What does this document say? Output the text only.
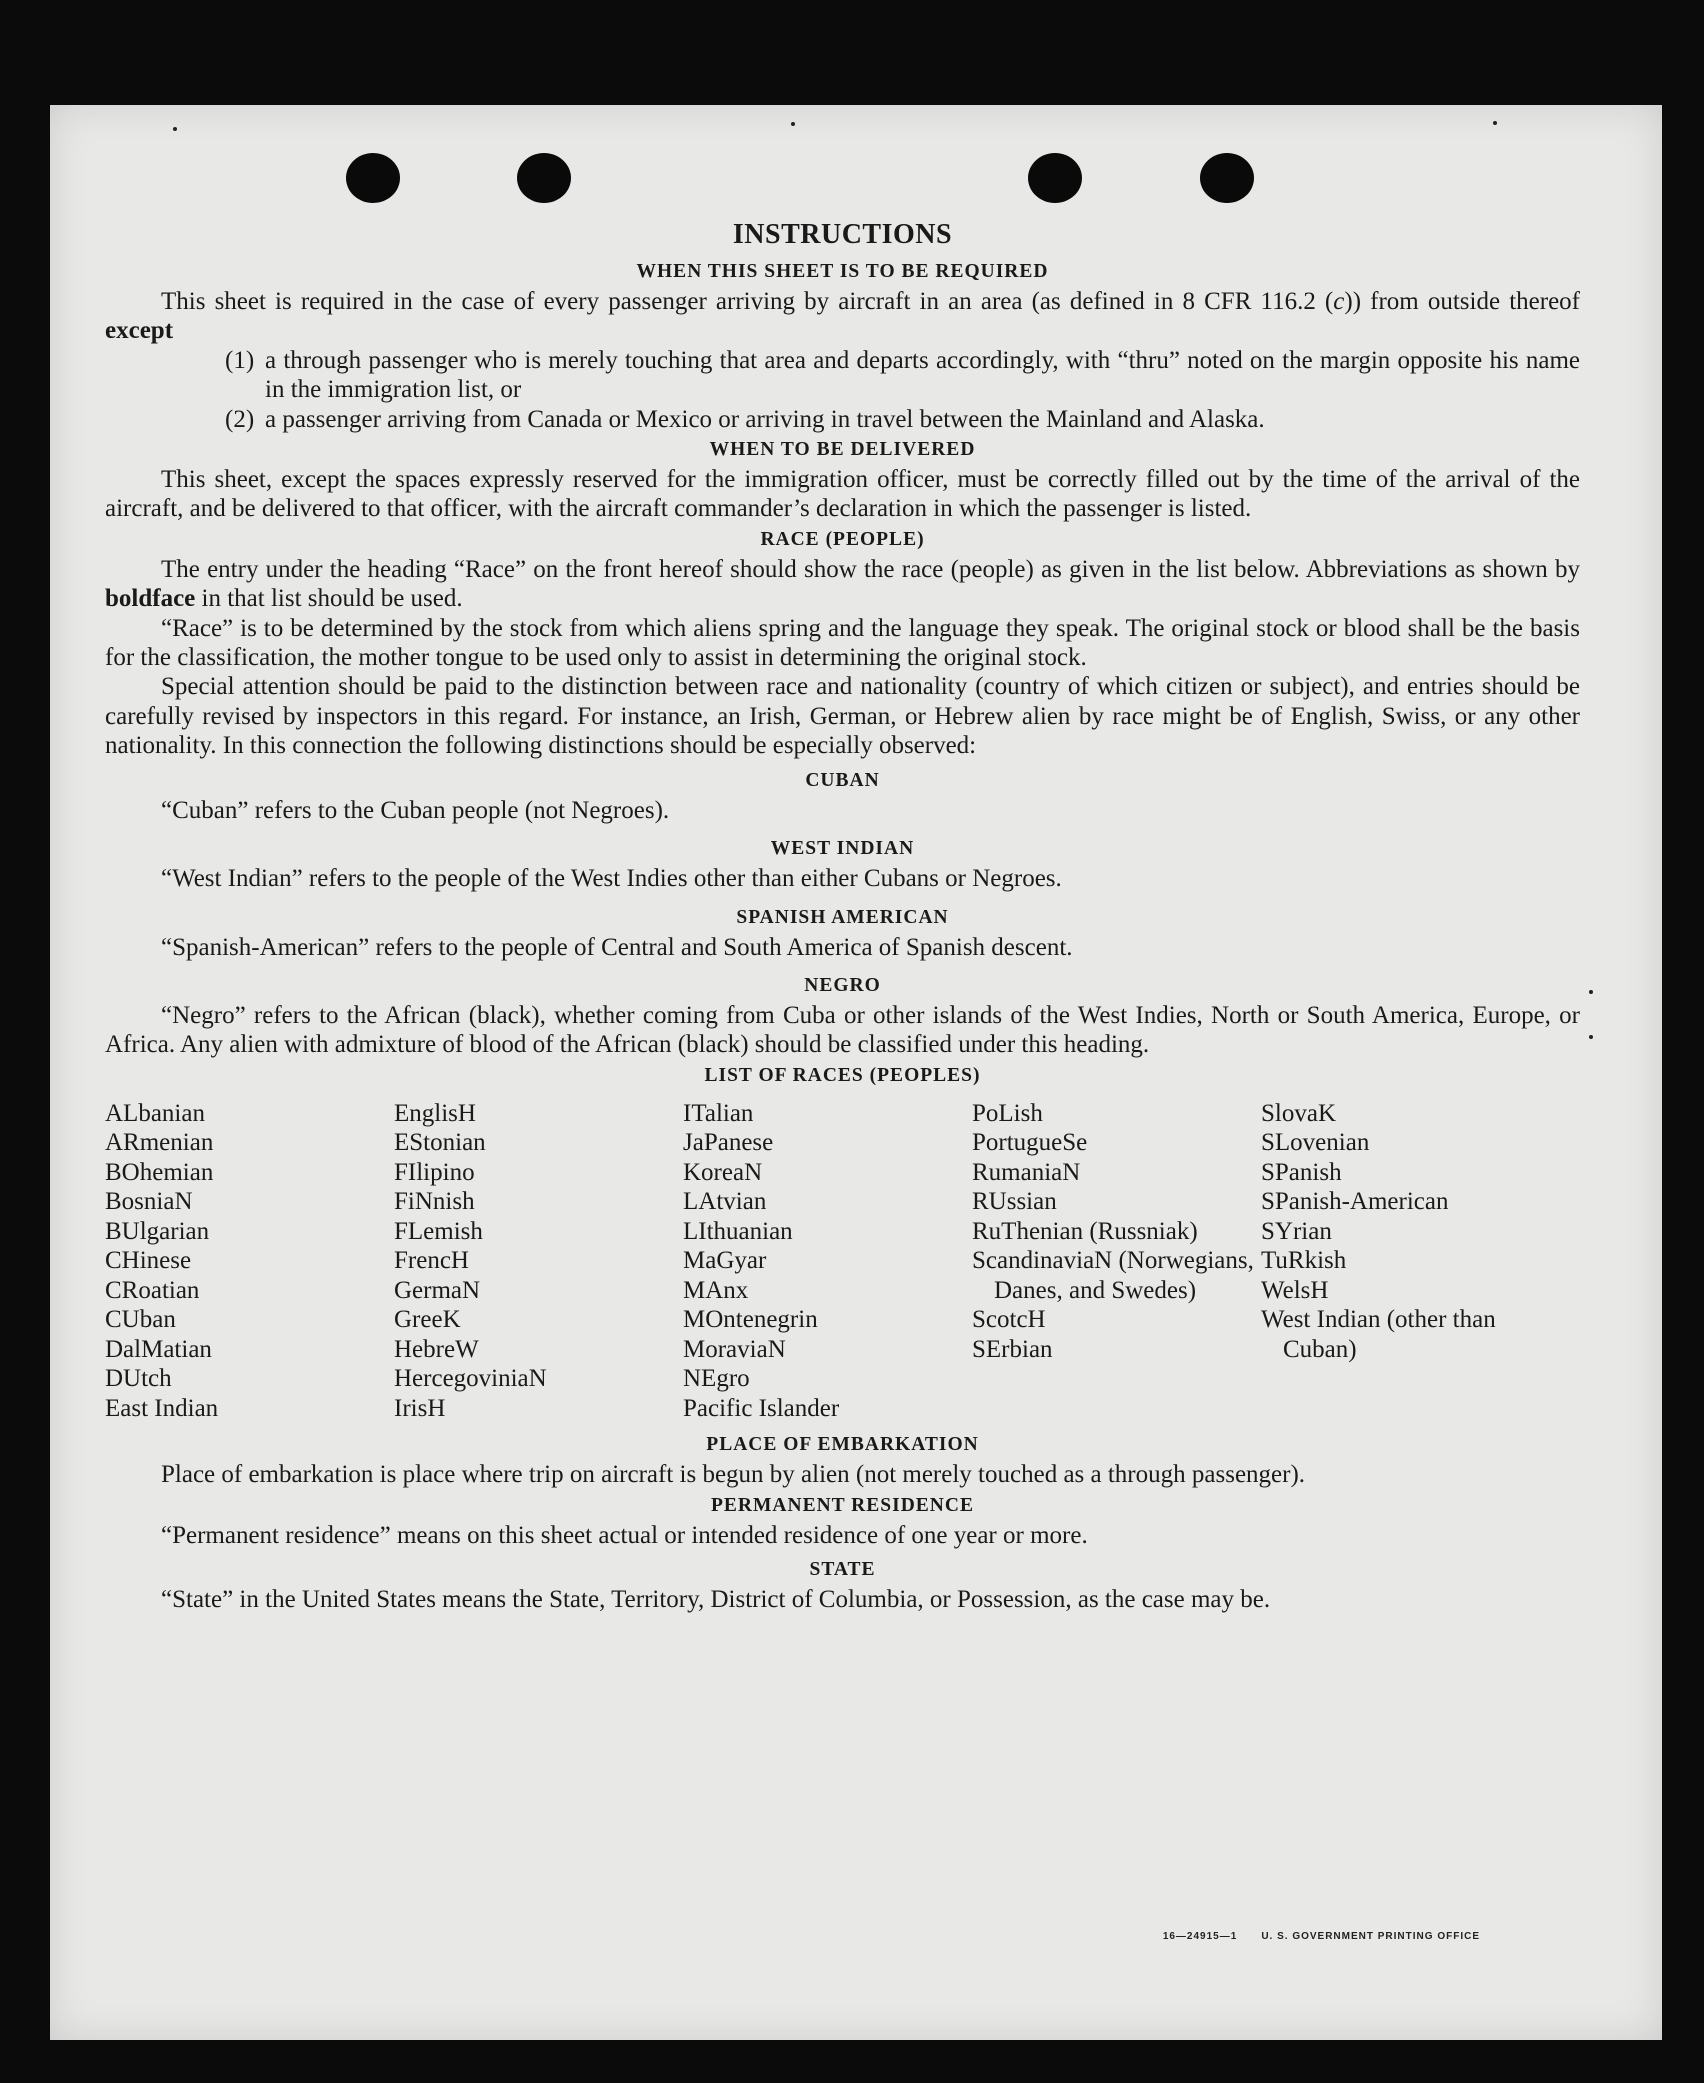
INSTRUCTIONS
WHEN THIS SHEET IS TO BE REQUIRED

This sheet is required in the case of every passenger arriving by aircraft in an area (as defined in 8 CFR 116.2 (c)) from outside thereof except

(1) a through passenger who is merely touching that area and departs accordingly, with “thru” noted on the margin opposite his name in the immigration list, or
(2) a passenger arriving from Canada or Mexico or arriving in travel between the Mainland and Alaska.
WHEN TO BE DELIVERED

This sheet, except the spaces expressly reserved for the immigration officer, must be correctly filled out by the time of the arrival of the aircraft, and be delivered to that officer, with the aircraft commander’s declaration in which the passenger is listed.

RACE (PEOPLE)

The entry under the heading “Race” on the front hereof should show the race (people) as given in the list below. Abbreviations as shown by boldface in that list should be used.

“Race” is to be determined by the stock from which aliens spring and the language they speak. The original stock or blood shall be the basis for the classification, the mother tongue to be used only to assist in determining the original stock.

Special attention should be paid to the distinction between race and nationality (country of which citizen or subject), and entries should be carefully revised by inspectors in this regard. For instance, an Irish, German, or Hebrew alien by race might be of English, Swiss, or any other nationality. In this connection the following distinctions should be especially observed:

CUBAN

“Cuban” refers to the Cuban people (not Negroes).

WEST INDIAN

“West Indian” refers to the people of the West Indies other than either Cubans or Negroes.

SPANISH AMERICAN

“Spanish-American” refers to the people of Central and South America of Spanish descent.

NEGRO

“Negro” refers to the African (black), whether coming from Cuba or other islands of the West Indies, North or South America, Europe, or Africa. Any alien with admixture of blood of the African (black) should be classified under this heading.

LIST OF RACES (PEOPLES)
ALbanian
ARmenian
BOhemian
BosniaN
BUlgarian
CHinese
CRoatian
CUban
DalMatian
DUtch
East Indian
EnglisH
EStonian
FIlipino
FiNnish
FLemish
FrencH
GermaN
GreeK
HebreW
HercegoviniaN
IrisH
ITalian
JaPanese
KoreaN
LAtvian
LIthuanian
MaGyar
MAnx
MOntenegrin
MoraviaN
NEgro
Pacific Islander
PoLish
PortugueSe
RumaniaN
RUssian
RuThenian (Russniak)
ScandinaviaN (Norwegians, Danes, and Swedes)
ScotcH
SErbian
SlovaK
SLovenian
SPanish
SPanish-American
SYrian
TuRkish
WelsH
West Indian (other than Cuban)
PLACE OF EMBARKATION

Place of embarkation is place where trip on aircraft is begun by alien (not merely touched as a through passenger).

PERMANENT RESIDENCE

“Permanent residence” means on this sheet actual or intended residence of one year or more.

STATE

“State” in the United States means the State, Territory, District of Columbia, or Possession, as the case may be.

16—24915—1 U. S. GOVERNMENT PRINTING OFFICE
